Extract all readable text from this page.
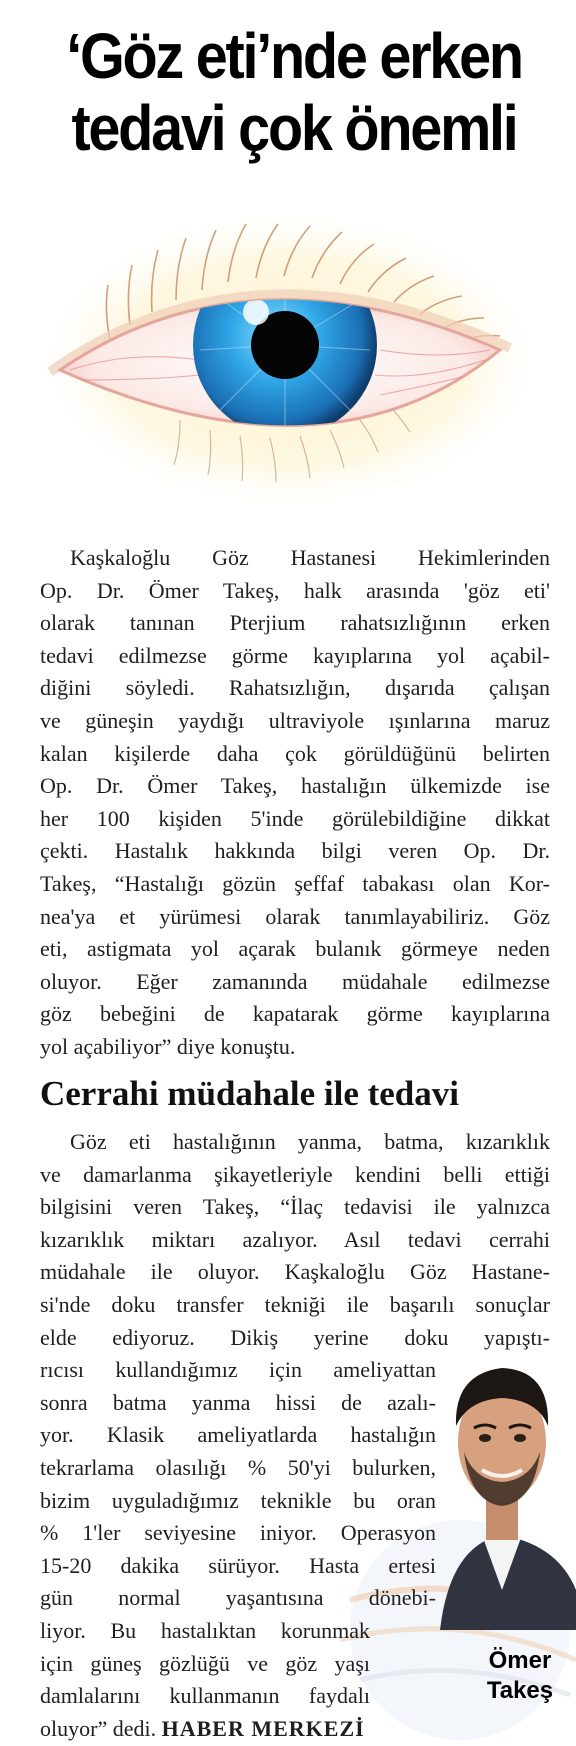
‘Göz eti’nde erken
tedavi çok önemli

Kaşkaloğlu Göz Hastanesi Hekimlerinden
Op. Dr. Ömer Takeş, halk arasında 'göz eti'
olarak tanınan Pterjium rahatsızlığının erken
tedavi edilmezse görme kayıplarına yol açabil-
diğini söyledi. Rahatsızlığın, dışarıda çalışan
ve güneşin yaydığı ultraviyole ışınlarına maruz
kalan kişilerde daha çok görüldüğünü belirten
Op. Dr. Ömer Takeş, hastalığın ülkemizde ise
her 100 kişiden 5'inde görülebildiğine dikkat
çekti. Hastalık hakkında bilgi veren Op. Dr.
Takeş, “Hastalığı gözün şeffaf tabakası olan Kor-
nea'ya et yürümesi olarak tanımlayabiliriz. Göz
eti, astigmata yol açarak bulanık görmeye neden
oluyor. Eğer zamanında müdahale edilmezse
göz bebeğini de kapatarak görme kayıplarına
yol açabiliyor” diye konuştu.

Cerrahi müdahale ile tedavi

Göz eti hastalığının yanma, batma, kızarıklık
ve damarlanma şikayetleriyle kendini belli ettiği
bilgisini veren Takeş, “İlaç tedavisi ile yalnızca
kızarıklık miktarı azalıyor. Asıl tedavi cerrahi
müdahale ile oluyor. Kaşkaloğlu Göz Hastane-
si'nde doku transfer tekniği ile başarılı sonuçlar
elde ediyoruz. Dikiş yerine doku yapıştı-
rıcısı kullandığımız için ameliyattan
sonra batma yanma hissi de azalı-
yor. Klasik ameliyatlarda hastalığın
tekrarlama olasılığı % 50'yi bulurken,
bizim uyguladığımız teknikle bu oran
% 1'ler seviyesine iniyor. Operasyon
15-20 dakika sürüyor. Hasta ertesi
gün normal yaşantısına dönebi-
liyor. Bu hastalıktan korunmak
için güneş gözlüğü ve göz yaşı
damlalarını kullanmanın faydalı
oluyor” dedi. HABER MERKEZİ

Ömer
Takeş
